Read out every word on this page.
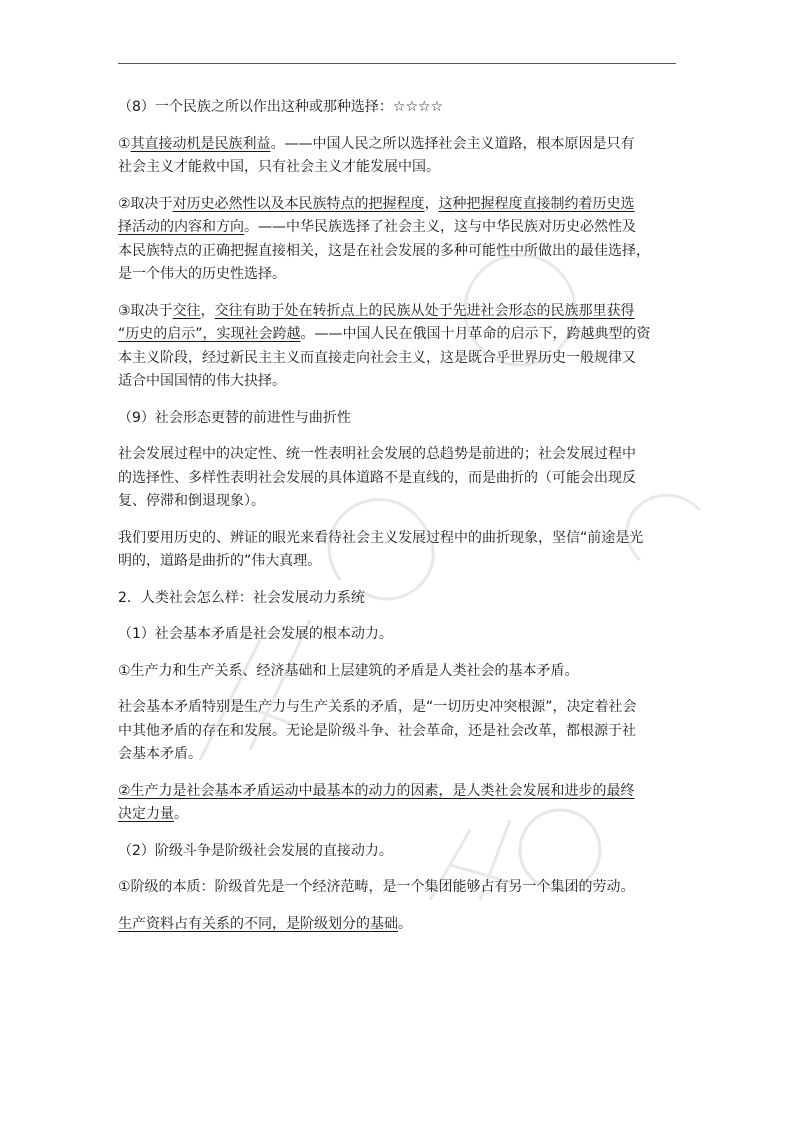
（8）一个民族之所以作出这种或那种选择：☆☆☆☆

①其直接动机是民族利益。——中国人民之所以选择社会主义道路，根本原因是只有
社会主义才能救中国，只有社会主义才能发展中国。

②取决于对历史必然性以及本民族特点的把握程度，这种把握程度直接制约着历史选
择活动的内容和方向。——中华民族选择了社会主义，这与中华民族对历史必然性及
本民族特点的正确把握直接相关，这是在社会发展的多种可能性中所做出的最佳选择，
是一个伟大的历史性选择。

③取决于交往，交往有助于处在转折点上的民族从处于先进社会形态的民族那里获得
“历史的启示”，实现社会跨越。——中国人民在俄国十月革命的启示下，跨越典型的资
本主义阶段，经过新民主主义而直接走向社会主义，这是既合乎世界历史一般规律又
适合中国国情的伟大抉择。

（9）社会形态更替的前进性与曲折性

社会发展过程中的决定性、统一性表明社会发展的总趋势是前进的；社会发展过程中
的选择性、多样性表明社会发展的具体道路不是直线的，而是曲折的（可能会出现反
复、停滞和倒退现象）。

我们要用历史的、辨证的眼光来看待社会主义发展过程中的曲折现象，坚信“前途是光
明的，道路是曲折的”伟大真理。

2．人类社会怎么样：社会发展动力系统

（1）社会基本矛盾是社会发展的根本动力。

①生产力和生产关系、经济基础和上层建筑的矛盾是人类社会的基本矛盾。

社会基本矛盾特别是生产力与生产关系的矛盾，是“一切历史冲突根源”，决定着社会
中其他矛盾的存在和发展。无论是阶级斗争、社会革命，还是社会改革，都根源于社
会基本矛盾。

②生产力是社会基本矛盾运动中最基本的动力的因素，是人类社会发展和进步的最终
决定力量。

（2）阶级斗争是阶级社会发展的直接动力。

①阶级的本质：阶级首先是一个经济范畴，是一个集团能够占有另一个集团的劳动。

生产资料占有关系的不同，是阶级划分的基础。
